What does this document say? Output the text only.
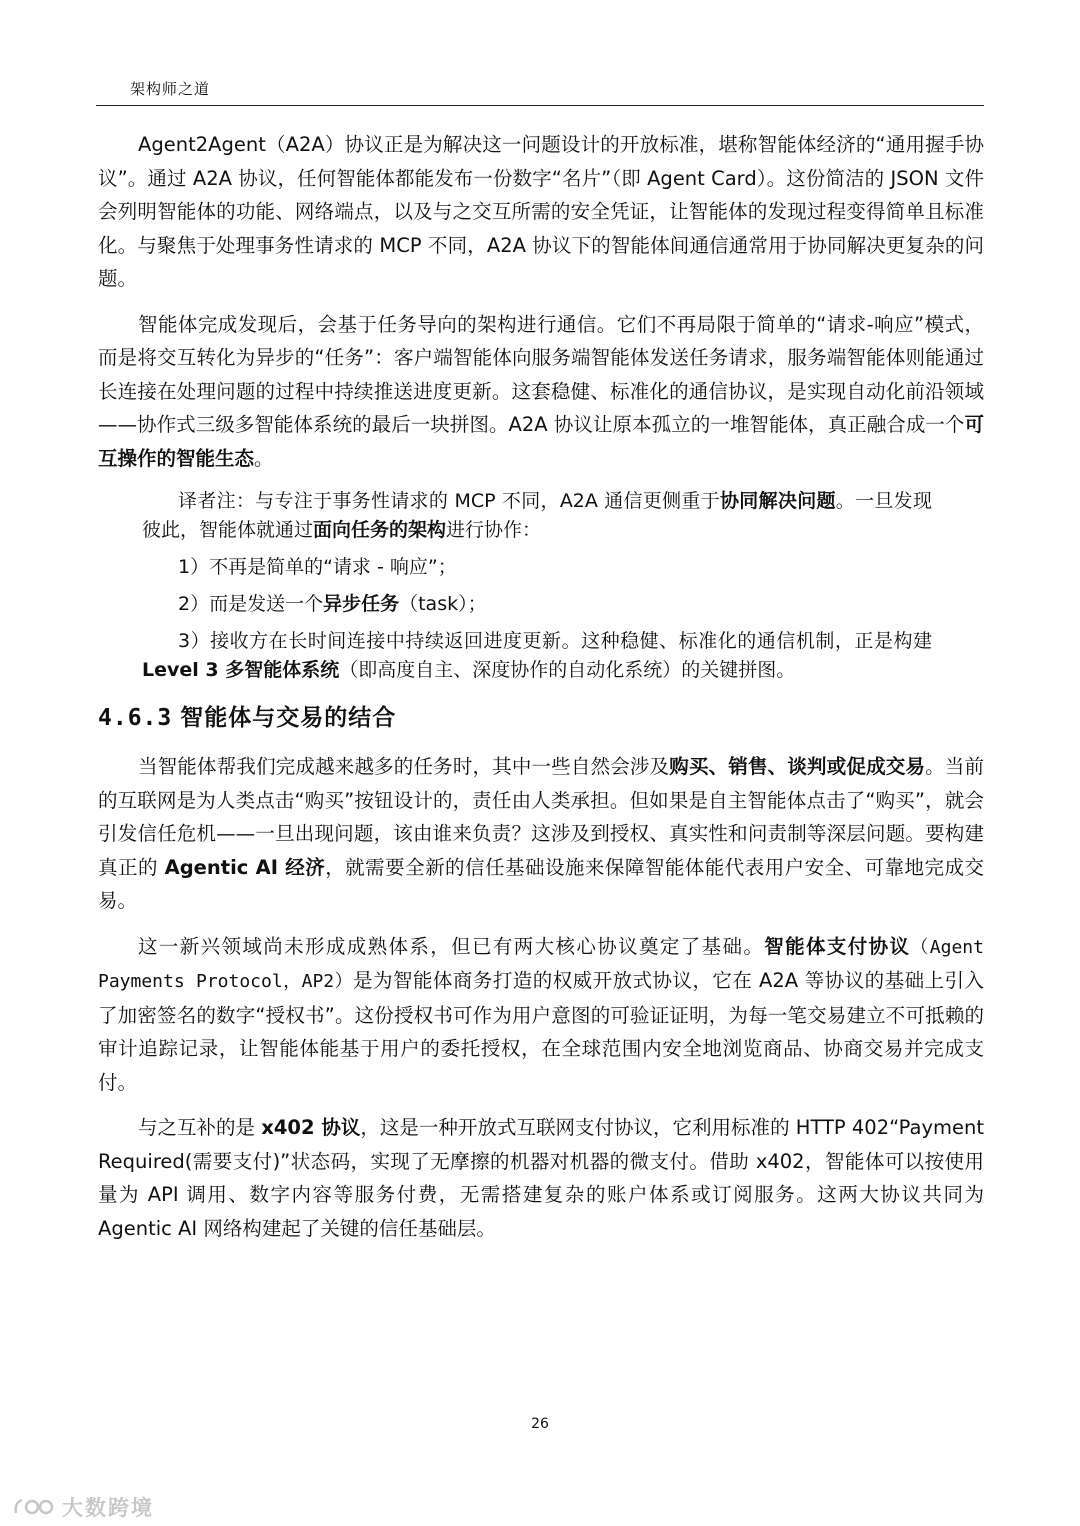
架构师之道

Agent2Agent（A2A）协议正是为解决这一问题设计的开放标准，堪称智能体经济的“通用握手协议”。通过 A2A 协议，任何智能体都能发布一份数字“名片”（即 Agent Card）。这份简洁的 JSON 文件会列明智能体的功能、网络端点，以及与之交互所需的安全凭证，让智能体的发现过程变得简单且标准化。与聚焦于处理事务性请求的 MCP 不同，A2A 协议下的智能体间通信通常用于协同解决更复杂的问题。

智能体完成发现后，会基于任务导向的架构进行通信。它们不再局限于简单的“请求-响应”模式，而是将交互转化为异步的“任务”：客户端智能体向服务端智能体发送任务请求，服务端智能体则能通过长连接在处理问题的过程中持续推送进度更新。这套稳健、标准化的通信协议，是实现自动化前沿领域——协作式三级多智能体系统的最后一块拼图。A2A 协议让原本孤立的一堆智能体，真正融合成一个可互操作的智能生态。

译者注：与专注于事务性请求的 MCP 不同，A2A 通信更侧重于协同解决问题。一旦发现彼此，智能体就通过面向任务的架构进行协作：

1）不再是简单的“请求 - 响应”；

2）而是发送一个异步任务（task）；

3）接收方在长时间连接中持续返回进度更新。这种稳健、标准化的通信机制，正是构建 Level 3 多智能体系统（即高度自主、深度协作的自动化系统）的关键拼图。

4.6.3 智能体与交易的结合

当智能体帮我们完成越来越多的任务时，其中一些自然会涉及购买、销售、谈判或促成交易。当前的互联网是为人类点击“购买”按钮设计的，责任由人类承担。但如果是自主智能体点击了“购买”，就会引发信任危机——一旦出现问题，该由谁来负责？这涉及到授权、真实性和问责制等深层问题。要构建真正的 Agentic AI 经济，就需要全新的信任基础设施来保障智能体能代表用户安全、可靠地完成交易。

这一新兴领域尚未形成成熟体系，但已有两大核心协议奠定了基础。智能体支付协议（Agent Payments Protocol，AP2）是为智能体商务打造的权威开放式协议，它在 A2A 等协议的基础上引入了加密签名的数字“授权书”。这份授权书可作为用户意图的可验证证明，为每一笔交易建立不可抵赖的审计追踪记录，让智能体能基于用户的委托授权，在全球范围内安全地浏览商品、协商交易并完成支付。

与之互补的是 x402 协议，这是一种开放式互联网支付协议，它利用标准的 HTTP 402“Payment Required(需要支付)”状态码，实现了无摩擦的机器对机器的微支付。借助 x402，智能体可以按使用量为 API 调用、数字内容等服务付费，无需搭建复杂的账户体系或订阅服务。这两大协议共同为 Agentic AI 网络构建起了关键的信任基础层。

26
大数跨境
